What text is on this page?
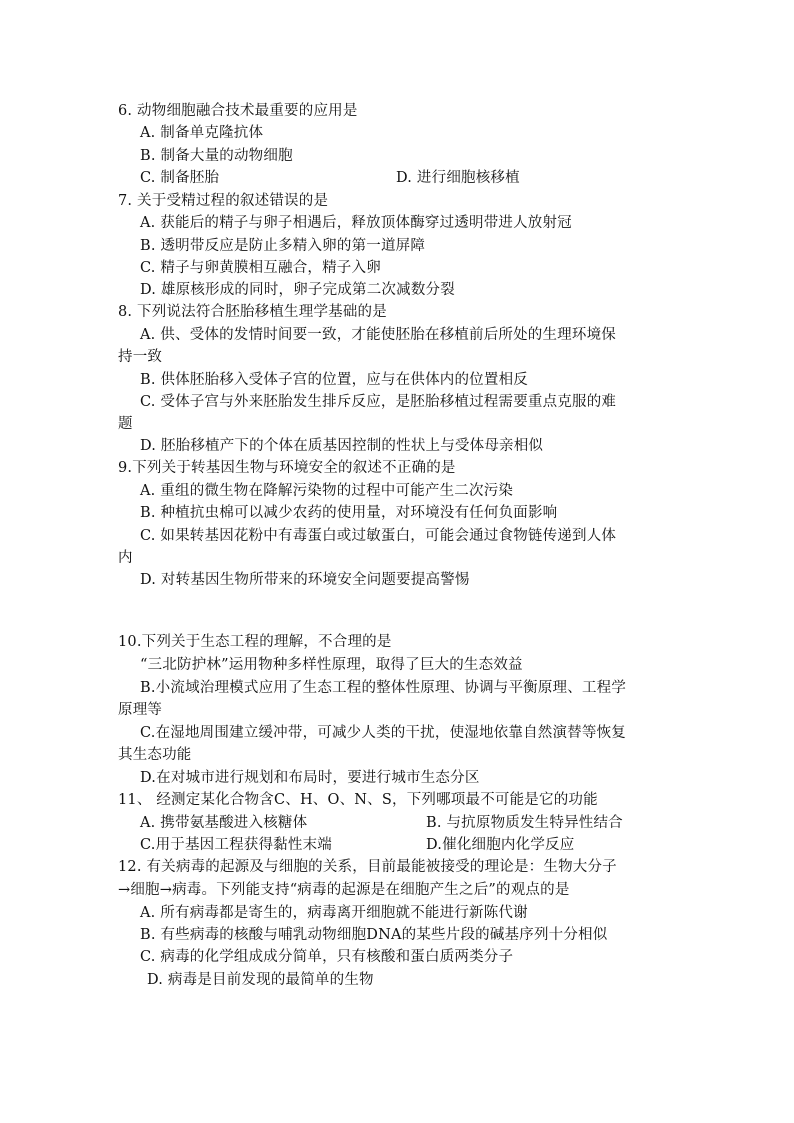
6. 动物细胞融合技术最重要的应用是
A. 制备单克隆抗体
B. 制备大量的动物细胞
C. 制备胚胎	D. 进行细胞核移植
7. 关于受精过程的叙述错误的是
A. 获能后的精子与卵子相遇后，释放顶体酶穿过透明带进人放射冠
B. 透明带反应是防止多精入卵的第一道屏障
C. 精子与卵黄膜相互融合，精子入卵
D. 雄原核形成的同时，卵子完成第二次减数分裂
8. 下列说法符合胚胎移植生理学基础的是
A. 供、受体的发情时间要一致，才能使胚胎在移植前后所处的生理环境保
持一致
B. 供体胚胎移入受体子宫的位置，应与在供体内的位置相反
C. 受体子宫与外来胚胎发生排斥反应，是胚胎移植过程需要重点克服的难
题
D. 胚胎移植产下的个体在质基因控制的性状上与受体母亲相似
9.下列关于转基因生物与环境安全的叙述不正确的是
A. 重组的微生物在降解污染物的过程中可能产生二次污染
B. 种植抗虫棉可以减少农药的使用量，对环境没有任何负面影响
C. 如果转基因花粉中有毒蛋白或过敏蛋白，可能会通过食物链传递到人体
内
D. 对转基因生物所带来的环境安全问题要提高警惕
10.下列关于生态工程的理解，不合理的是
“三北防护林”运用物种多样性原理，取得了巨大的生态效益
B.小流域治理模式应用了生态工程的整体性原理、协调与平衡原理、工程学
原理等
C.在湿地周围建立缓冲带，可减少人类的干扰，使湿地依靠自然演替等恢复
其生态功能
D.在对城市进行规划和布局时，要进行城市生态分区
11、 经测定某化合物含C、H、O、N、S，下列哪项最不可能是它的功能
A. 携带氨基酸进入核糖体	B. 与抗原物质发生特异性结合
C.用于基因工程获得黏性末端	D.催化细胞内化学反应
12. 有关病毒的起源及与细胞的关系，目前最能被接受的理论是：生物大分子
→细胞→病毒。下列能支持“病毒的起源是在细胞产生之后”的观点的是
A. 所有病毒都是寄生的，病毒离开细胞就不能进行新陈代谢
B. 有些病毒的核酸与哺乳动物细胞DNA的某些片段的碱基序列十分相似
C. 病毒的化学组成成分简单，只有核酸和蛋白质两类分子
D. 病毒是目前发现的最简单的生物
